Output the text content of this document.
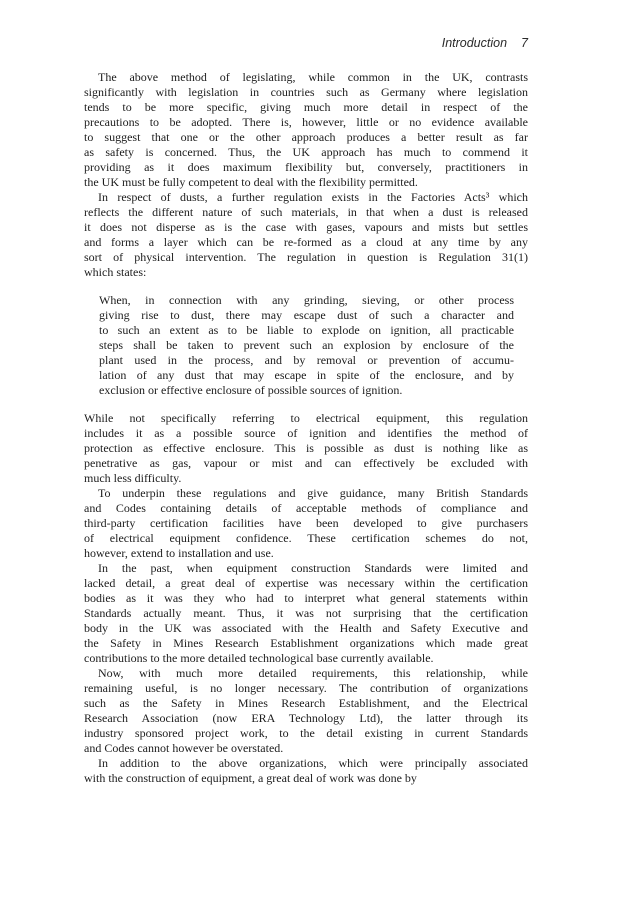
Introduction 7
The above method of legislating, while common in the UK, contrasts
significantly with legislation in countries such as Germany where legislation
tends to be more specific, giving much more detail in respect of the
precautions to be adopted. There is, however, little or no evidence available
to suggest that one or the other approach produces a better result as far
as safety is concerned. Thus, the UK approach has much to commend it
providing as it does maximum flexibility but, conversely, practitioners in
the UK must be fully competent to deal with the flexibility permitted.
In respect of dusts, a further regulation exists in the Factories Acts³ which
reflects the different nature of such materials, in that when a dust is released
it does not disperse as is the case with gases, vapours and mists but settles
and forms a layer which can be re-formed as a cloud at any time by any
sort of physical intervention. The regulation in question is Regulation 31(1)
which states:
When, in connection with any grinding, sieving, or other process
giving rise to dust, there may escape dust of such a character and
to such an extent as to be liable to explode on ignition, all practicable
steps shall be taken to prevent such an explosion by enclosure of the
plant used in the process, and by removal or prevention of accumu-
lation of any dust that may escape in spite of the enclosure, and by
exclusion or effective enclosure of possible sources of ignition.
While not specifically referring to electrical equipment, this regulation
includes it as a possible source of ignition and identifies the method of
protection as effective enclosure. This is possible as dust is nothing like as
penetrative as gas, vapour or mist and can effectively be excluded with
much less difficulty.
To underpin these regulations and give guidance, many British Standards
and Codes containing details of acceptable methods of compliance and
third-party certification facilities have been developed to give purchasers
of electrical equipment confidence. These certification schemes do not,
however, extend to installation and use.
In the past, when equipment construction Standards were limited and
lacked detail, a great deal of expertise was necessary within the certification
bodies as it was they who had to interpret what general statements within
Standards actually meant. Thus, it was not surprising that the certification
body in the UK was associated with the Health and Safety Executive and
the Safety in Mines Research Establishment organizations which made great
contributions to the more detailed technological base currently available.
Now, with much more detailed requirements, this relationship, while
remaining useful, is no longer necessary. The contribution of organizations
such as the Safety in Mines Research Establishment, and the Electrical
Research Association (now ERA Technology Ltd), the latter through its
industry sponsored project work, to the detail existing in current Standards
and Codes cannot however be overstated.
In addition to the above organizations, which were principally associated
with the construction of equipment, a great deal of work was done by
